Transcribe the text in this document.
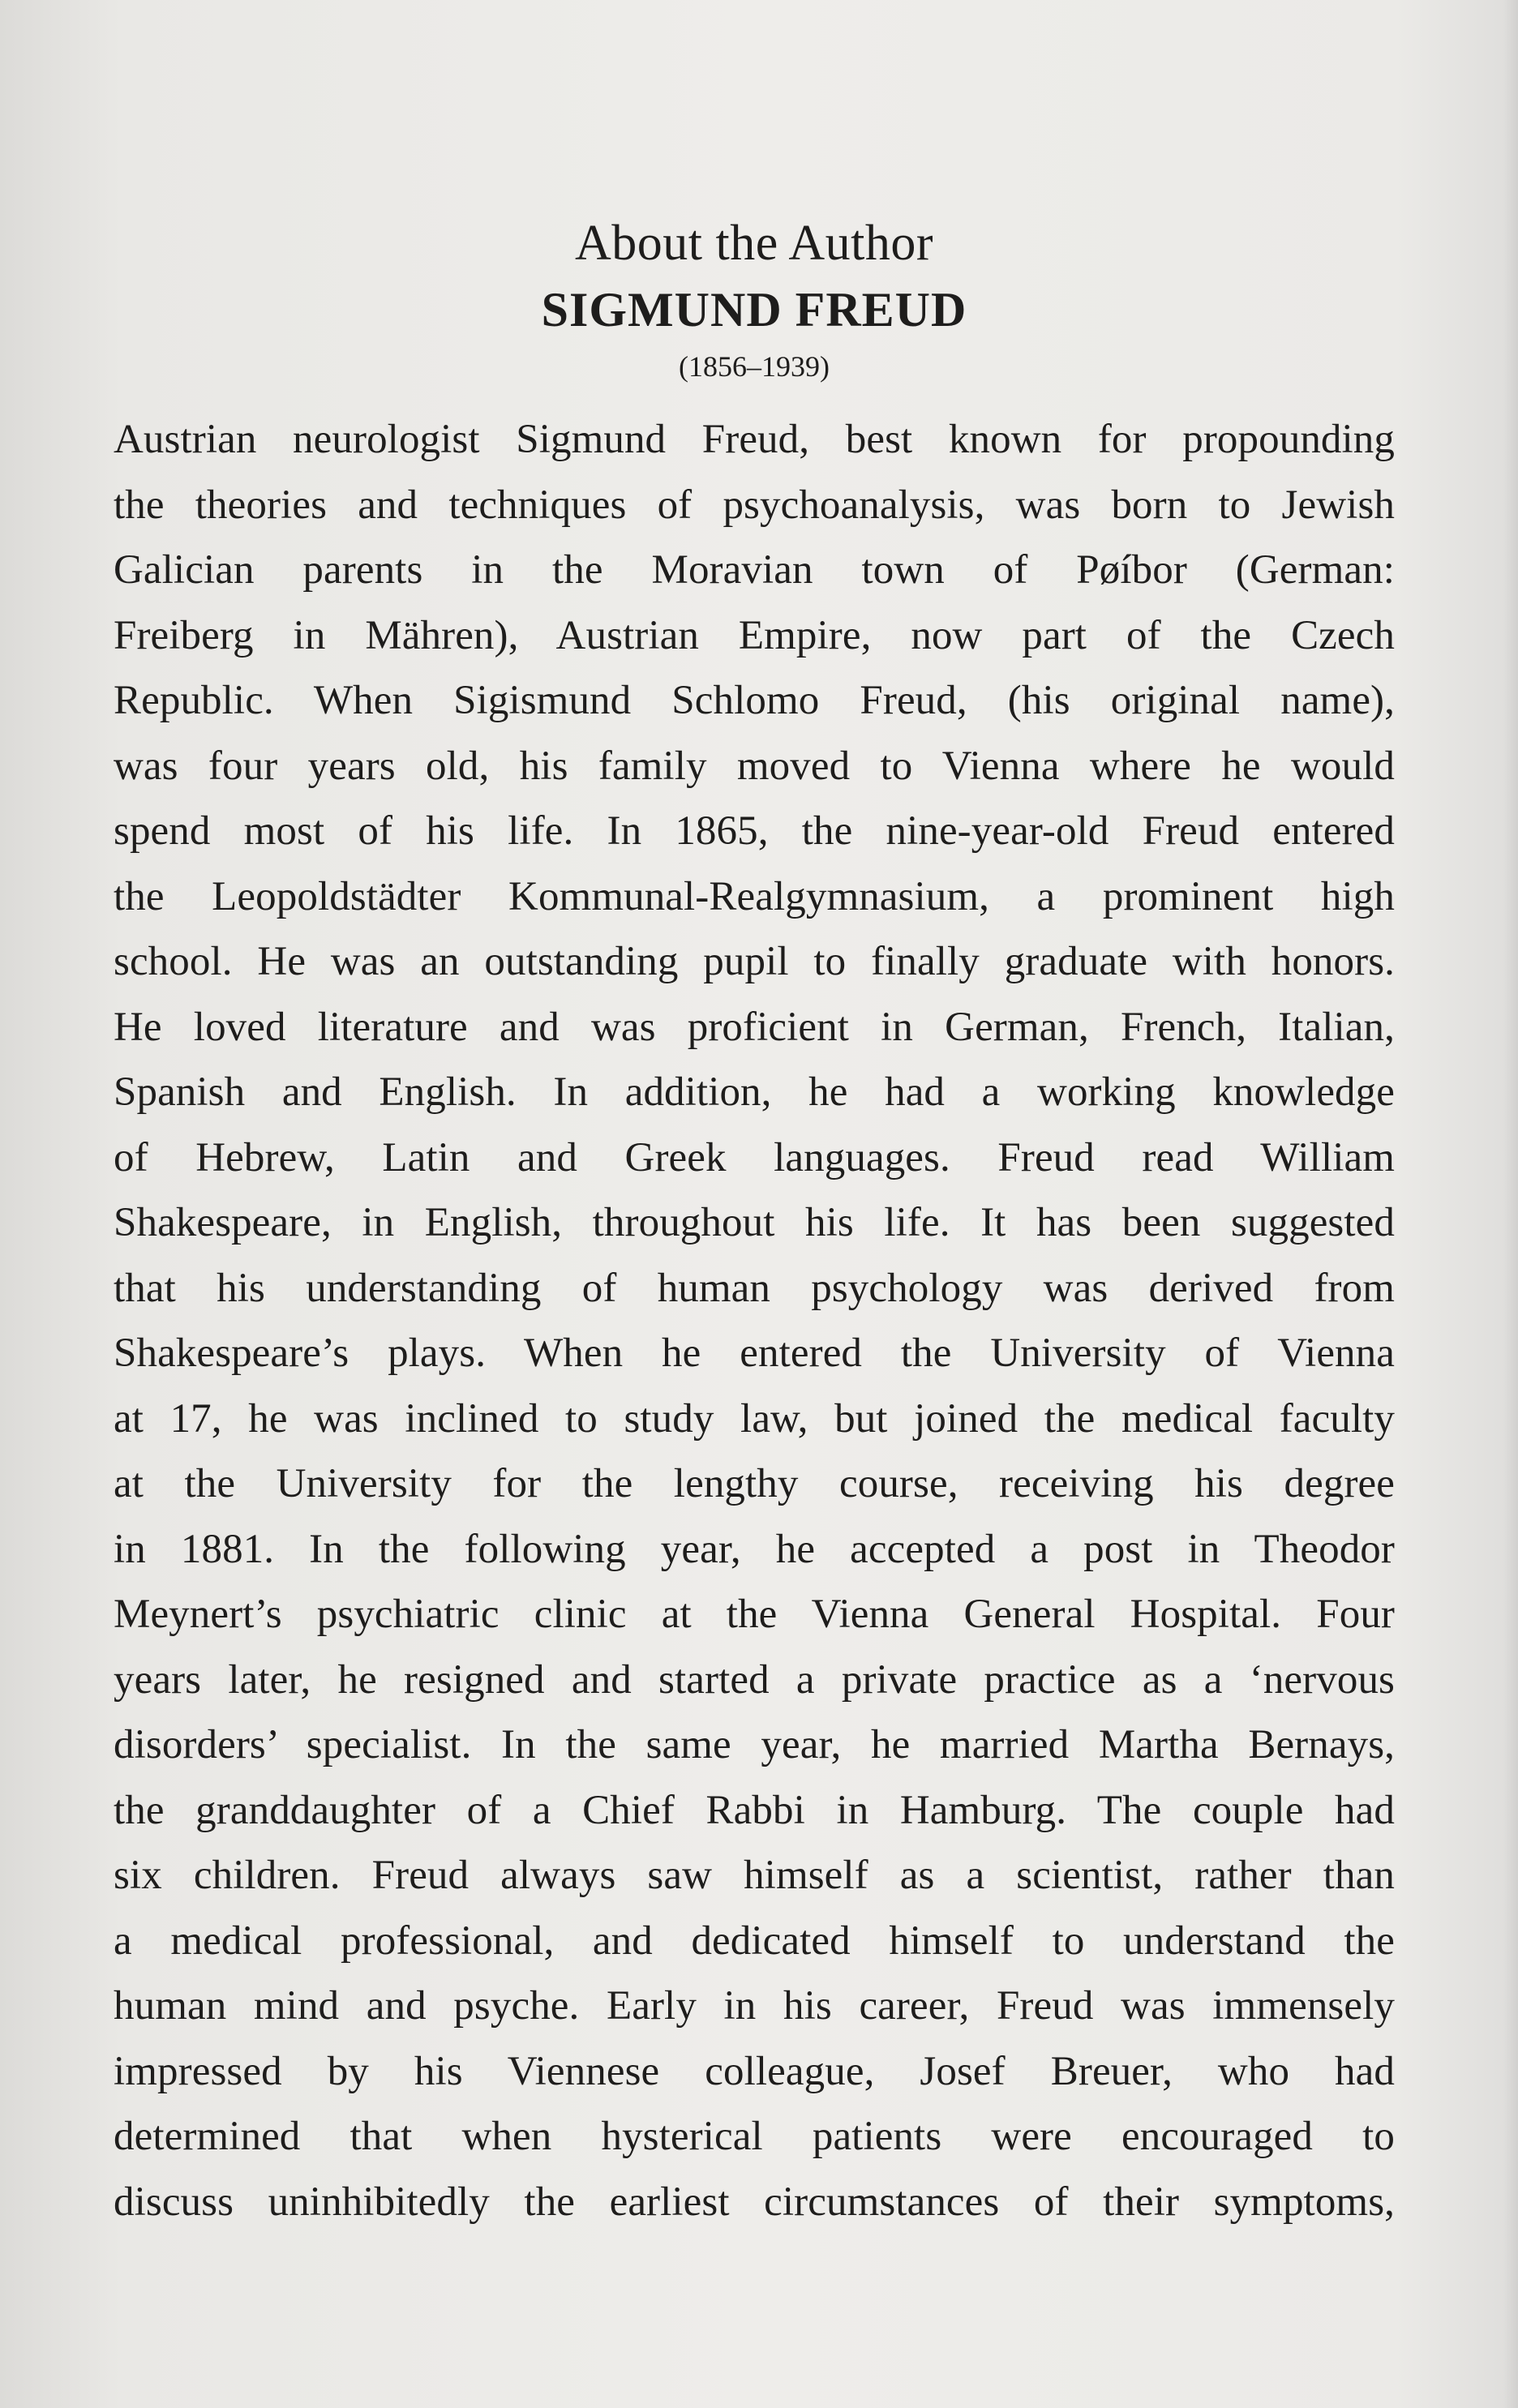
About the Author
SIGMUND FREUD
(1856–1939)
Austrian neurologist Sigmund Freud, best known for propounding
the theories and techniques of psychoanalysis, was born to Jewish
Galician parents in the Moravian town of Pøíbor (German:
Freiberg in Mähren), Austrian Empire, now part of the Czech
Republic. When Sigismund Schlomo Freud, (his original name),
was four years old, his family moved to Vienna where he would
spend most of his life. In 1865, the nine-year-old Freud entered
the Leopoldstädter Kommunal-Realgymnasium, a prominent high
school. He was an outstanding pupil to finally graduate with honors.
He loved literature and was proficient in German, French, Italian,
Spanish and English. In addition, he had a working knowledge
of Hebrew, Latin and Greek languages. Freud read William
Shakespeare, in English, throughout his life. It has been suggested
that his understanding of human psychology was derived from
Shakespeare’s plays. When he entered the University of Vienna
at 17, he was inclined to study law, but joined the medical faculty
at the University for the lengthy course, receiving his degree
in 1881. In the following year, he accepted a post in Theodor
Meynert’s psychiatric clinic at the Vienna General Hospital. Four
years later, he resigned and started a private practice as a ‘nervous
disorders’ specialist. In the same year, he married Martha Bernays,
the granddaughter of a Chief Rabbi in Hamburg. The couple had
six children. Freud always saw himself as a scientist, rather than
a medical professional, and dedicated himself to understand the
human mind and psyche. Early in his career, Freud was immensely
impressed by his Viennese colleague, Josef Breuer, who had
determined that when hysterical patients were encouraged to
discuss uninhibitedly the earliest circumstances of their symptoms,
